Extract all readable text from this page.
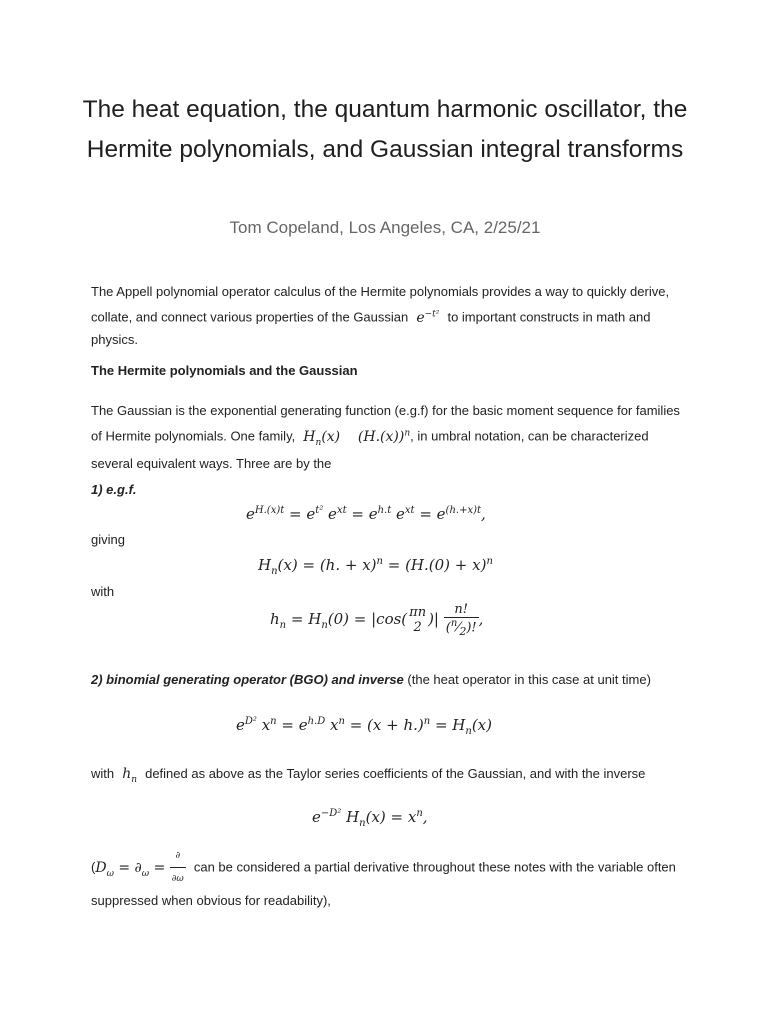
The heat equation, the quantum harmonic oscillator, the Hermite polynomials, and Gaussian integral transforms
Tom Copeland, Los Angeles, CA, 2/25/21
The Appell polynomial operator calculus of the Hermite polynomials provides a way to quickly derive, collate, and connect various properties of the Gaussian  $e^{-t^2}$ to important constructs in math and physics.
The Hermite polynomials and the Gaussian
The Gaussian is the exponential generating function (e.g.f) for the basic moment sequence for families of Hermite polynomials. One family,  $H_n(x)$    $(H.(x))^n$, in umbral notation, can be characterized several equivalent ways. Three are by the
1) e.g.f.
$e^{H.(x)t} = e^{t^2}$ $e^{xt} = e^{h.t}$ $e^{xt} = e^{(h.+x)t}$,
giving
$H_n(x) = (h$. + $x)^n = (H.(0) + x)^n$
with
$h_n = H_n(0) = |\cos$( πn
2 )| $\frac{n!}{(^n⁄_2)!}$ ,
2) binomial generating operator (BGO) and inverse (the heat operator in this case at unit time)
$e^{D^2}$ $x^n = e^{h.D}$ $x^n = (x + h.)^n = H_n(x)$
with  $h_n$ defined as above as the Taylor series coefficients of the Gaussian, and with the inverse
$e^{-D^2}$ $H_n(x) = x^n$,
($D_\omega = \partial_\omega = \frac{\partial}{\partial\omega}$ can be considered a partial derivative throughout these notes with the variable often suppressed when obvious for readability),
